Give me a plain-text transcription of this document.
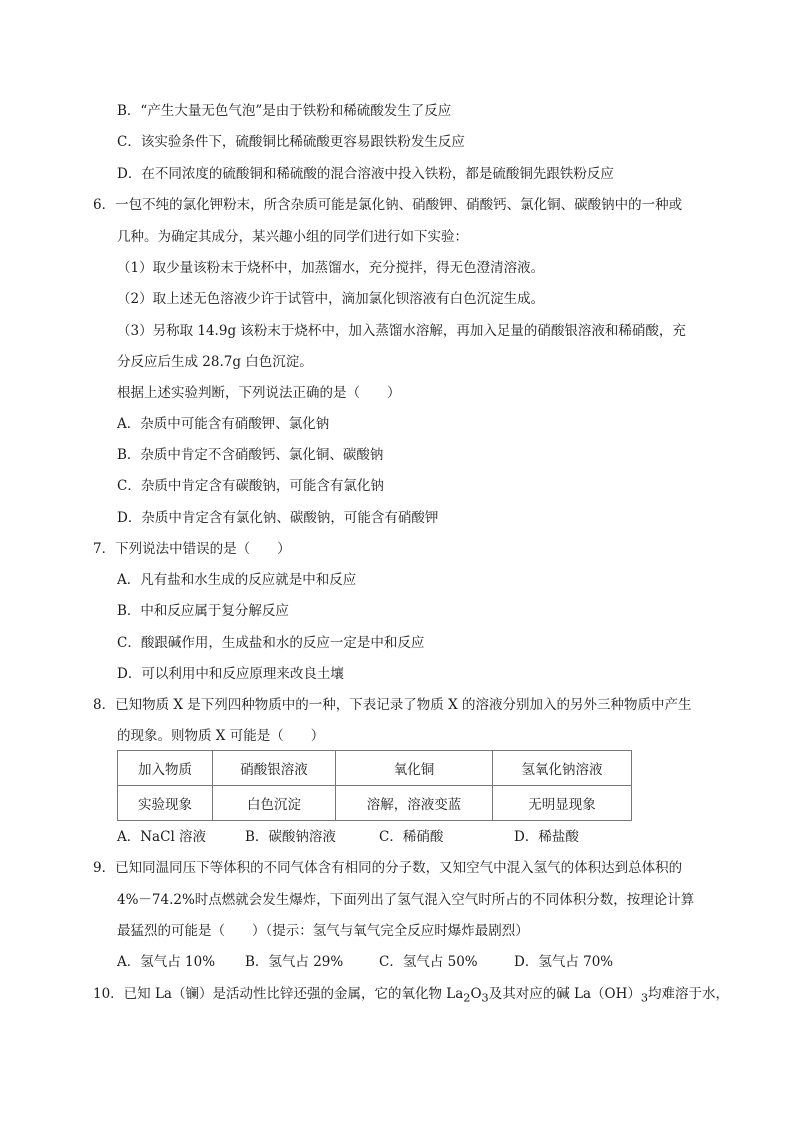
B．“产生大量无色气泡”是由于铁粉和稀硫酸发生了反应
C．该实验条件下，硫酸铜比稀硫酸更容易跟铁粉发生反应
D．在不同浓度的硫酸铜和稀硫酸的混合溶液中投入铁粉，都是硫酸铜先跟铁粉反应
6．一包不纯的氯化钾粉末，所含杂质可能是氯化钠、硝酸钾、硝酸钙、氯化铜、碳酸钠中的一种或
几种。为确定其成分，某兴趣小组的同学们进行如下实验：
（1）取少量该粉末于烧杯中，加蒸馏水，充分搅拌，得无色澄清溶液。
（2）取上述无色溶液少许于试管中，滴加氯化钡溶液有白色沉淀生成。
（3）另称取 14.9g 该粉末于烧杯中，加入蒸馏水溶解，再加入足量的硝酸银溶液和稀硝酸，充
分反应后生成 28.7g 白色沉淀。
根据上述实验判断，下列说法正确的是（　　）
A．杂质中可能含有硝酸钾、氯化钠
B．杂质中肯定不含硝酸钙、氯化铜、碳酸钠
C．杂质中肯定含有碳酸钠，可能含有氯化钠
D．杂质中肯定含有氯化钠、碳酸钠，可能含有硝酸钾
7．下列说法中错误的是（　　）
A．凡有盐和水生成的反应就是中和反应
B．中和反应属于复分解反应
C．酸跟碱作用，生成盐和水的反应一定是中和反应
D．可以利用中和反应原理来改良土壤
8．已知物质 X 是下列四种物质中的一种，下表记录了物质 X 的溶液分别加入的另外三种物质中产生
的现象。则物质 X 可能是（　　）
加入物质	硝酸银溶液	氧化铜	氢氧化钠溶液
实验现象	白色沉淀	溶解，溶液变蓝	无明显现象
A．NaCl 溶液	B．碳酸钠溶液	C．稀硝酸	D．稀盐酸
9．已知同温同压下等体积的不同气体含有相同的分子数，又知空气中混入氢气的体积达到总体积的
4%－74.2%时点燃就会发生爆炸，下面列出了氢气混入空气时所占的不同体积分数，按理论计算
最猛烈的可能是（　　）（提示：氢气与氧气完全反应时爆炸最剧烈）
A．氢气占 10% B．氢气占 29%	C．氢气占 50%	D．氢气占 70%
10．已知 La（镧）是活动性比锌还强的金属，它的氧化物 $La_2O_3$及其对应的碱 $La(OH)_3$均难溶于水，
